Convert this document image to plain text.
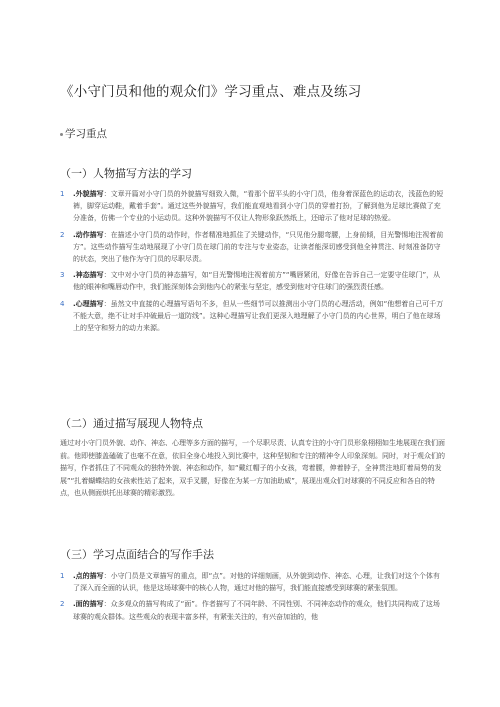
《小守门员和他的观众们》学习重点、难点及练习
学习重点
（一）人物描写方法的学习
1 .外貌描写：文章开篇对小守门员的外貌描写细致入微，“看那个留平头的小守门员，他身着深蓝色的运动衣，浅蓝色的短裤，脚穿运动鞋，戴着手套”。通过这些外貌描写，我们能直观地看到小守门员的穿着打扮，了解到他为足球比赛做了充分准备，仿佛一个专业的小运动员。这种外貌描写不仅让人物形象跃然纸上，还暗示了他对足球的热爱。
2 .动作描写：在描述小守门员的动作时，作者精准地抓住了关键动作，“只见他分腿弯腰，上身前倾，目光警惕地注视着前方”。这些动作描写生动地展现了小守门员在球门前的专注与专业姿态，让读者能深切感受到他全神贯注、时刻准备防守的状态，突出了他作为守门员的尽职尽责。
3 .神态描写：文中对小守门员的神态描写，如“目光警惕地注视着前方”“嘴唇紧闭，好像在告诉自己一定要守住球门”，从他的眼神和嘴唇动作中，我们能深刻体会到他内心的紧张与坚定，感受到他对守住球门的强烈责任感。
4 .心理描写：虽然文中直接的心理描写语句不多，但从一些细节可以推测出小守门员的心理活动，例如“他想着自己可千万不能大意，绝不让对手冲破最后一道防线”。这种心理描写让我们更深入地理解了小守门员的内心世界，明白了他在球场上的坚守和努力的动力来源。
（二）通过描写展现人物特点

通过对小守门员外貌、动作、神态、心理等多方面的描写，一个尽职尽责、认真专注的小守门员形象栩栩如生地展现在我们面前。他即使膝盖磕破了也毫不在意，依旧全身心地投入到比赛中，这种坚韧和专注的精神令人印象深刻。同时，对于观众们的描写，作者抓住了不同观众的独特外貌、神态和动作，如“戴红帽子的小女孩，弯着腰，伸着脖子，全神贯注地盯着局势的发展”“扎着蝴蝶结的女孩索性站了起来，双手叉腰，好像在为某一方加油助威”，展现出观众们对球赛的不同反应和各自的特点，也从侧面烘托出球赛的精彩激烈。

（三）学习点面结合的写作手法
1 .点的描写：小守门员是文章描写的重点，即“点”。对他的详细刻画，从外貌到动作、神态、心理，让我们对这个个体有了深入而全面的认识，他是这场球赛中的核心人物，通过对他的描写，我们能直接感受到球赛的紧张氛围。
2 .面的描写：众多观众的描写构成了“面”。作者描写了不同年龄、不同性别、不同神态动作的观众，他们共同构成了这场球赛的观众群体。这些观众的表现丰富多样，有紧张关注的，有兴奋加油的，他
